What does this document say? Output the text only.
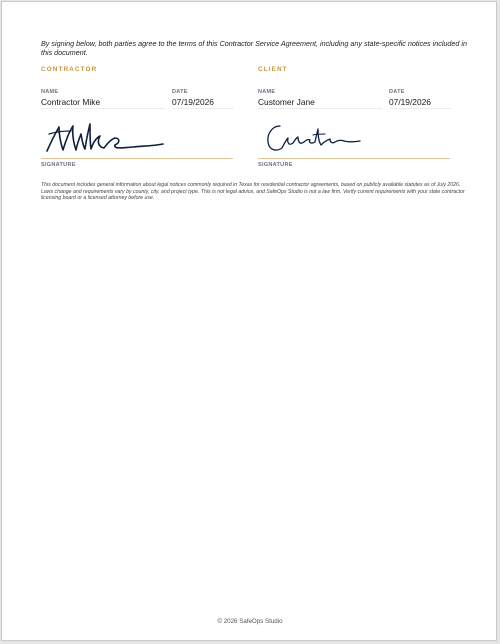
By signing below, both parties agree to the terms of this Contractor Service Agreement, including any state-specific notices included in this document.

CONTRACTOR
NAME
Contractor Mike
DATE
07/19/2026
SIGNATURE
CLIENT
NAME
Customer Jane
DATE
07/19/2026
SIGNATURE

This document includes general information about legal notices commonly required in Texas for residential contractor agreements, based on publicly available statutes as of July 2026. Laws change and requirements vary by county, city, and project type. This is not legal advice, and SafeOps Studio is not a law firm. Verify current requirements with your state contractor licensing board or a licensed attorney before use.

© 2026 SafeOps Studio
